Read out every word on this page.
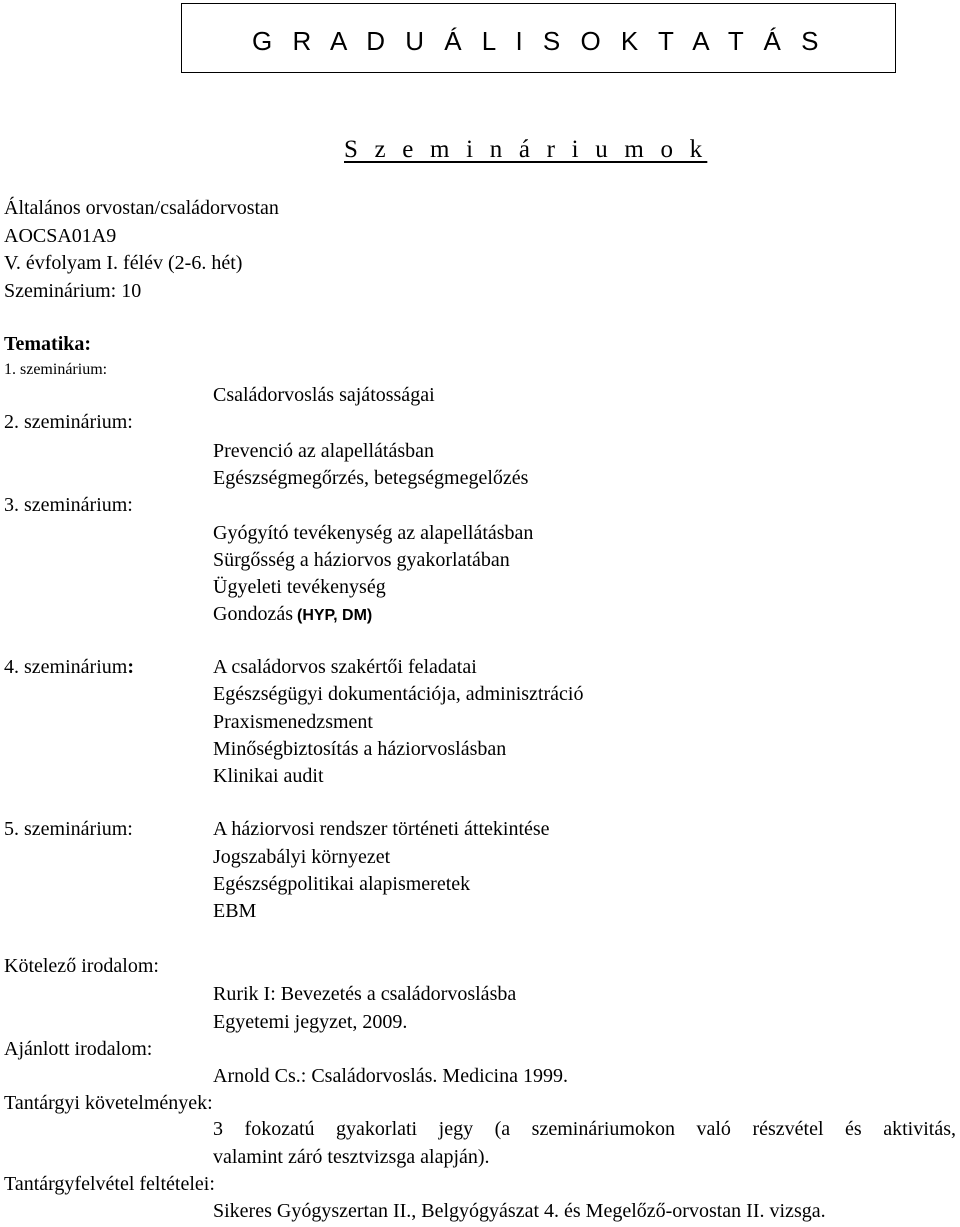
G R A D U Á L I S O K T A T Á S
S z e m i n á r i u m o k
Általános orvostan/családorvostan
AOCSA01A9
V. évfolyam I. félév (2-6. hét)
Szeminárium: 10
Tematika:
1. szeminárium:
Családorvoslás sajátosságai
2. szeminárium:
Prevenció az alapellátásban
Egészségmegőrzés, betegségmegelőzés
3. szeminárium:
Gyógyító tevékenység az alapellátásban
Sürgősség a háziorvos gyakorlatában
Ügyeleti tevékenység
Gondozás (HYP, DM)
4. szeminárium:	A családorvos szakértői feladatai
Egészségügyi dokumentációja, adminisztráció
Praxismenedzsment
Minőségbiztosítás a háziorvoslásban
Klinikai audit
5. szeminárium:	A háziorvosi rendszer történeti áttekintése
Jogszabályi környezet
Egészségpolitikai alapismeretek
EBM
Kötelező irodalom:
Rurik I: Bevezetés a családorvoslásba
Egyetemi jegyzet, 2009.
Ajánlott irodalom:
Arnold Cs.: Családorvoslás. Medicina 1999.
Tantárgyi követelmények:
3 fokozatú gyakorlati jegy (a szemináriumokon való részvétel és aktivitás,
valamint záró tesztvizsga alapján).
Tantárgyfelvétel feltételei:
Sikeres Gyógyszertan II., Belgyógyászat 4. és Megelőző-orvostan II. vizsga.
